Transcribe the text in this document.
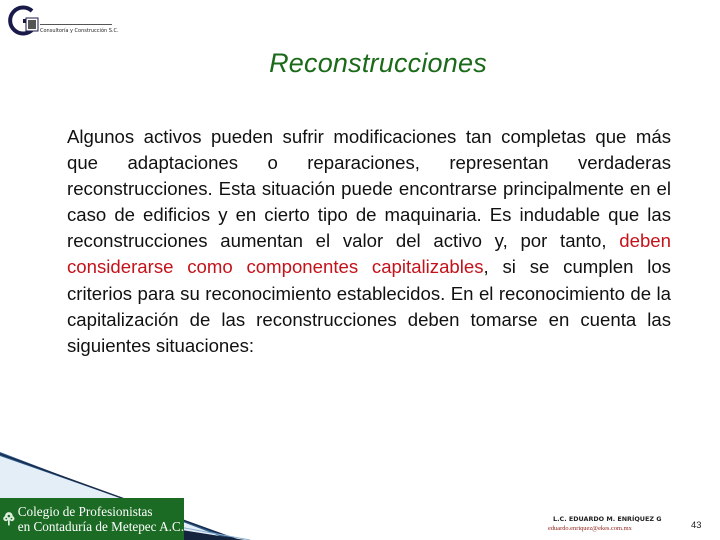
Consultoría y Construcción S.C.
Reconstrucciones
Algunos activos pueden sufrir modificaciones tan completas que más que adaptaciones o reparaciones, representan verdaderas reconstrucciones. Esta situación puede encontrarse principalmente en el caso de edificios y en cierto tipo de maquinaria. Es indudable que las reconstrucciones aumentan el valor del activo y, por tanto, deben considerarse como componentes capitalizables, si se cumplen los criterios para su reconocimiento establecidos. En el reconocimiento de la capitalización de las reconstrucciones deben tomarse en cuenta las siguientes situaciones:
Colegio de Profesionistas
en Contaduría de Metepec A.C.	L.C. EDUARDO M. ENRÍQUEZ G
eduardo.enriquez@ekes.com.mx	43
